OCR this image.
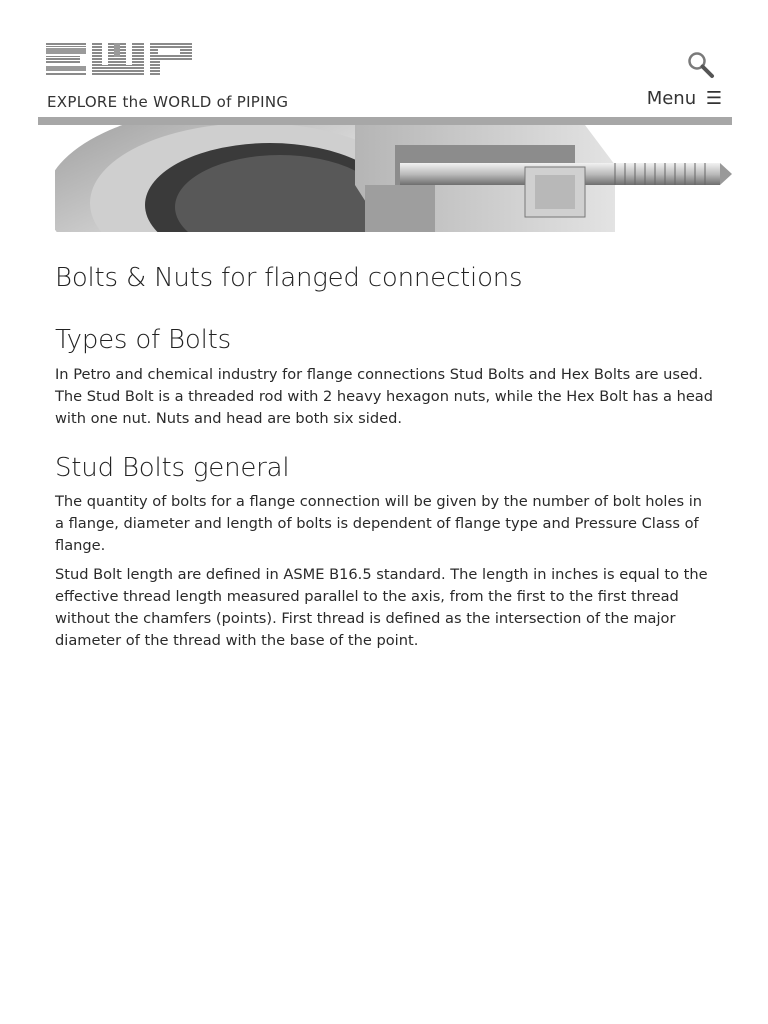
EXPLORE the WORLD of PIPING	Menu ☰
Bolts & Nuts for flanged connections
Types of Bolts

In Petro and chemical industry for flange connections Stud Bolts and Hex Bolts are used. The Stud Bolt is a threaded rod with 2 heavy hexagon nuts, while the Hex Bolt has a head with one nut. Nuts and head are both six sided.

Stud Bolts general

The quantity of bolts for a flange connection will be given by the number of bolt holes in a flange, diameter and length of bolts is dependent of flange type and Pressure Class of flange.

Stud Bolt length are defined in ASME B16.5 standard. The length in inches is equal to the effective thread length measured parallel to the axis, from the first to the first thread without the chamfers (points). First thread is defined as the intersection of the major diameter of the thread with the base of the point.
